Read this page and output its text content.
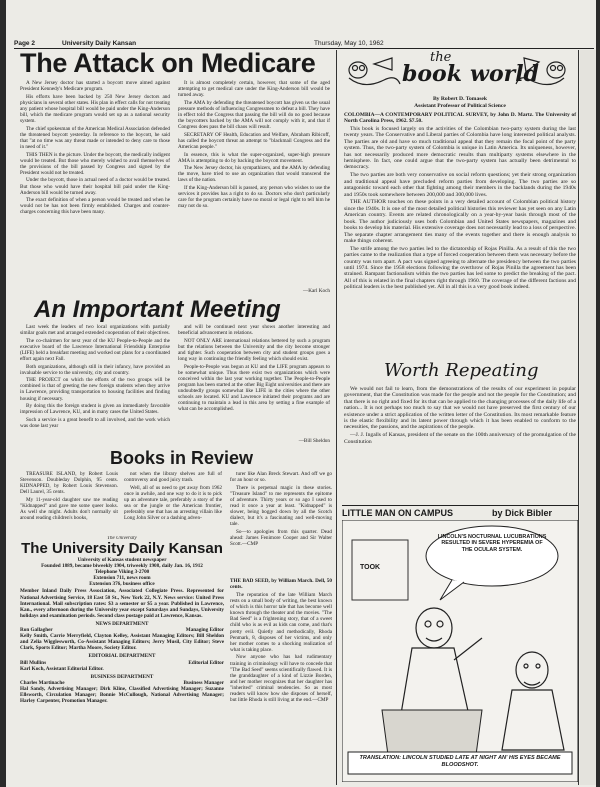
Page 2	University Daily Kansan	Thursday, May 10, 1962
The Attack on Medicare

A New Jersey doctor has started a boycott move aimed against President Kennedy's Medicare program.

His efforts have been backed by 250 New Jersey doctors and physicians in several other states. His plan in effect calls for not treating any patient whose hospital bill would be paid under the King-Anderson bill, which the medicare program would set up as a national security system.

The chief spokesman of the American Medical Association defended the threatened boycott yesterday. In reference to the boycott, he said that "at no time was any threat made or intended to deny care to those in need of it."

THIS THEN is the picture. Under the boycott, the medically indigent would be treated. But those who merely wished to avail themselves of the provisions of the bill passed by Congress and signed by the President would not be treated.

Under the boycott, those in actual need of a doctor would be treated. But those who would have their hospital bill paid under the King-Anderson bill would be turned away.

The exact definition of when a person would be treated and when he would not be has not been firmly established. Charges and counter-charges concerning this have been many.

It is almost completely certain, however, that some of the aged attempting to get medical care under the King-Anderson bill would be turned away.

The AMA by defending the threatened boycott has given us the usual pressure methods of influencing Congressmen to defeat a bill. They have in effect told the Congress that passing the bill will do no good because the boycotters backed by the AMA will not comply with it, and that if Congress does pass the bill chaos will result.

SECRETARY OF Health, Education and Welfare, Abraham Ribicoff, has called the boycott threat an attempt to "blackmail Congress and the American people."

In essence, this is what the super-organized, super-high pressure AMA is attempting to do by backing the boycott movement.

The New Jersey doctor, his sympathizers, and the AMA by defending the move, have tried to use an organization that would transcend the laws of the nation.

If the King-Anderson bill is passed, any person who wishes to use the services it provides has a right to do so. Doctors who don't particularly care for the program certainly have no moral or legal right to tell him he may not do so.

—Karl Koch
An Important Meeting

Last week the leaders of two local organizations with partially similar goals met and arranged extended cooperation of their objectives.

The co-chairmen for next year of the KU People-to-People and the executive board of the Lawrence International Friendship Enterprise (LIFE) held a breakfast meeting and worked out plans for a coordinated effort again next Fall.

Both organizations, although still in their infancy, have provided an invaluable service to the university, city and country.

THE PROJECT on which the efforts of the two groups will be combined is that of greeting the new foreign students when they arrive in Lawrence, providing transportation to housing facilities and finding housing if necessary.

By doing this the foreign student is given an immediately favorable impression of Lawrence, KU, and in many cases the United States.

Such a service is a great benefit to all involved, and the work which was done last year

and will be continued next year shows another interesting and beneficial advancement in relations.

NOT ONLY ARE international relations bettered by such a program but the relations between the University and the city become stronger and tighter. Such cooperation between city and student groups goes a long way in continuing the friendly feeling which should exist.

People-to-People was begun at KU and the LIFE program appears to be somewhat unique. Thus there exist two organizations which were conceived within the last year working together. The People-to-People program has been started at the other Big Eight universities and there are undoubtedly groups somewhat like LIFE in the cities where the other schools are located. KU and Lawrence initiated their programs and are continuing to maintain a lead in this area by setting a fine example of what can be accomplished.

—Bill Sheldon
Books in Review

TREASURE ISLAND, by Robert Louis Stevenson. Doubleday Dolphin, 95 cents. KIDNAPPED, by Robert Louis Stevenson. Dell Laurel, 35 cents.

My 11-year-old daughter saw me reading "Kidnapped" and gave me some queer looks. As well she might. Adults don't normally sit around reading children's books,

not when the library shelves are full of controversy and good juicy trash.

Well, all of us need to get away from 1962 once in awhile, and one way to do it is to pick up an adventure tale, preferably a story of the sea or the jungle or the American frontier, preferably one that has an arresting villain like Long John Silver or a dashing adven-

turer like Alan Breck Stewart. And off we go for an hour or so.

There is perpetual magic in these stories. "Treasure Island" to me represents the epitome of adventure. Thirty years or so ago I used to read it once a year at least. "Kidnapped" is slower, being bogged down by all the Scotch dialect, but it's a fascinating and well-moving tale.

So—to apologies from this quarter. Dead ahead: James Fenimore Cooper and Sir Walter Scott.—CMP

THE BAD SEED, by William March. Dell, 50 cents.

The reputation of the late William March rests on a small body of writing, the best known of which is this horror tale that has become well known through the theater and the movies. "The Bad Seed" is a frightening story, that of a sweet child who is as evil as kids can come, and that's pretty evil. Quietly and methodically, Rhoda Penmark, 8, disposes of her victims, and only her mother comes to a shocking realization of what is taking place.

Now anyone who has had rudimentary training in criminology will have to concede that "The Bad Seed" seems scientifically flawed. It is the granddaughter of a kind of Lizzie Borden, and her mother recognizes that her daughter has "inherited" criminal tendencies. So as most readers will know how she disposes of herself, but little Rhoda is still living at the end.—CMP

The University
The University Daily Kansan
University of Kansas student newspaper
Founded 1889, became biweekly 1904, triweekly 1908, daily Jan. 16, 1912
Telephone Viking 3-2700
Extension 711, news room
Extension 376, business office
Member Inland Daily Press Association, Associated Collegiate Press. Represented for National Advertising Service, 18 East 50 St., New York 22, N.Y. News service: United Press International. Mail subscription rates: $3 a semester or $5 a year. Published in Lawrence, Kan., every afternoon during the University year except Saturdays and Sundays, University holidays and examination periods. Second class postage paid at Lawrence, Kansas.
NEWS DEPARTMENT
Ron Gallagher	Managing Editor
Kelly Smith, Carrie Merryfield, Clayton Kelley, Assistant Managing Editors; Bill Sheldon and Zelia Wigglesworth, Co-Assistant Managing Editors; Jerry Musil, City Editor; Steve Clark, Sports Editor; Martha Moore, Society Editor.
EDITORIAL DEPARTMENT
Bill Mullins	Editorial Editor
Karl Koch, Assistant Editorial Editor.
BUSINESS DEPARTMENT
Charles Martinache	Business Manager
Hal Sandy, Advertising Manager; Dirk Kline, Classified Advertising Manager; Suzanne Ellsworth, Circulation Manager; Bonnie McCullough, National Advertising Manager; Harley Carpenter, Promotion Manager.
the
book world
By Robert D. Tomasek
Assistant Professor of Political Science
COLOMBIA—A CONTEMPORARY POLITICAL SURVEY, by John D. Martz. The University of North Carolina Press, 1962. $7.50.

This book is focused largely on the activities of the Colombian two-party system during the last twenty years. The Conservative and Liberal parties of Colombia have long interested political analysts. The parties are old and have so much traditional appeal that they remain the focal point of the party system. Thus, the two-party system of Colombia is unique in Latin America. Its uniqueness, however, has not necessarily produced more democratic results than multiparty systems elsewhere in the hemisphere. In fact, one could argue that the two-party system has actually been detrimental to democracy.

The two parties are both very conservative on social reform questions; yet their strong organization and traditional appeal have precluded reform parties from developing. The two parties are so antagonistic toward each other that fighting among their members in the backlands during the 1940s and 1950s took somewhere between 200,000 and 300,000 lives.

THE AUTHOR touches on these points in a very detailed account of Colombian political history since the 1940s. It is one of the most detailed political histories this reviewer has yet seen on any Latin American country. Events are related chronologically on a year-by-year basis through most of the book. The author judiciously uses both Colombian and United States newspapers, magazines and books to develop his material. His extensive coverage does not necessarily lead to a loss of perspective. The separate chapter arrangement ties many of the events together and there is enough analysis to make things coherent.

The strife among the two parties led to the dictatorship of Rojas Pinilla. As a result of this the two parties came to the realization that a type of forced cooperation between them was necessary before the country was torn apart. A pact was signed agreeing to alternate the presidency between the two parties until 1974. Since the 1958 elections following the overthrow of Rojas Pinilla the agreement has been strained. Rampant factionalism within the two parties has led some to predict the breaking of the pact. All of this is related in the final chapters right through 1960. The coverage of the different factions and political leaders is the best published yet. All in all this is a very good book indeed.

Worth Repeating

We would not fail to learn, from the demonstrations of the results of our experiment in popular government, that the Constitution was made for the people and not the people for the Constitution; and that there is no right and fixed for its that can be applied to the changing processes of the daily life of a nation... It is not perhaps too much to say that we would not have preserved the first century of our existence under a strict application of the written letter of the Constitution. Its most remarkable feature is the elastic flexibility and its latent power through which it has been enabled to conform to the necessities, the passions, and the aspirations of the people.

—J. J. Ingalls of Kansas, president of the senate on the 100th anniversary of the promulgation of the Constitution

LITTLE MAN ON CAMPUS	by Dick Bibler
LINCOLN'S NOCTURNAL LUCUBRATIONS RESULTED IN SEVERE HYPEREMIA OF THE OCULAR SYSTEM.
TOOK
TRANSLATION: LINCOLN STUDIED LATE AT NIGHT AN' HIS EYES BECAME BLOODSHOT.
